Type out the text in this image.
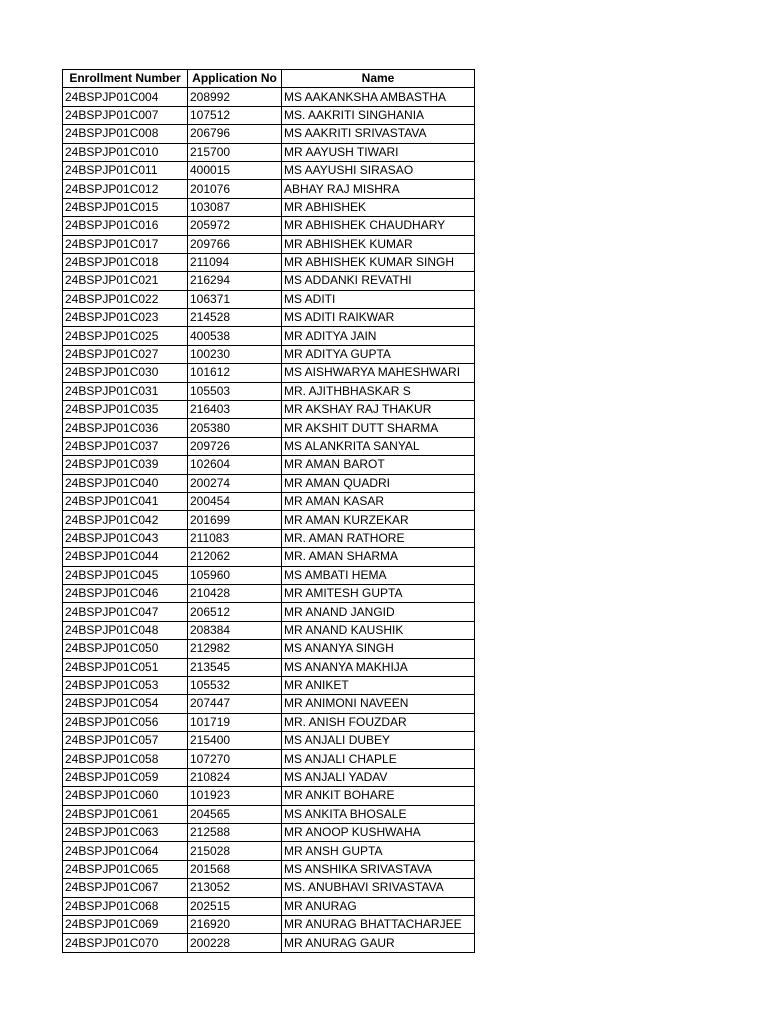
Enrollment Number	Application No	Name
24BSPJP01C004	208992	MS AAKANKSHA AMBASTHA
24BSPJP01C007	107512	MS. AAKRITI SINGHANIA
24BSPJP01C008	206796	MS AAKRITI SRIVASTAVA
24BSPJP01C010	215700	MR AAYUSH TIWARI
24BSPJP01C011	400015	MS AAYUSHI SIRASAO
24BSPJP01C012	201076	ABHAY RAJ MISHRA
24BSPJP01C015	103087	MR ABHISHEK
24BSPJP01C016	205972	MR ABHISHEK CHAUDHARY
24BSPJP01C017	209766	MR ABHISHEK KUMAR
24BSPJP01C018	211094	MR ABHISHEK KUMAR SINGH
24BSPJP01C021	216294	MS ADDANKI REVATHI
24BSPJP01C022	106371	MS ADITI
24BSPJP01C023	214528	MS ADITI RAIKWAR
24BSPJP01C025	400538	MR ADITYA JAIN
24BSPJP01C027	100230	MR ADITYA GUPTA
24BSPJP01C030	101612	MS AISHWARYA MAHESHWARI
24BSPJP01C031	105503	MR. AJITHBHASKAR S
24BSPJP01C035	216403	MR AKSHAY RAJ THAKUR
24BSPJP01C036	205380	MR AKSHIT DUTT SHARMA
24BSPJP01C037	209726	MS ALANKRITA SANYAL
24BSPJP01C039	102604	MR AMAN BAROT
24BSPJP01C040	200274	MR AMAN QUADRI
24BSPJP01C041	200454	MR AMAN KASAR
24BSPJP01C042	201699	MR AMAN KURZEKAR
24BSPJP01C043	211083	MR. AMAN RATHORE
24BSPJP01C044	212062	MR. AMAN SHARMA
24BSPJP01C045	105960	MS AMBATI HEMA
24BSPJP01C046	210428	MR AMITESH GUPTA
24BSPJP01C047	206512	MR ANAND JANGID
24BSPJP01C048	208384	MR ANAND KAUSHIK
24BSPJP01C050	212982	MS ANANYA SINGH
24BSPJP01C051	213545	MS ANANYA MAKHIJA
24BSPJP01C053	105532	MR ANIKET
24BSPJP01C054	207447	MR ANIMONI NAVEEN
24BSPJP01C056	101719	MR. ANISH FOUZDAR
24BSPJP01C057	215400	MS ANJALI DUBEY
24BSPJP01C058	107270	MS ANJALI CHAPLE
24BSPJP01C059	210824	MS ANJALI YADAV
24BSPJP01C060	101923	MR ANKIT BOHARE
24BSPJP01C061	204565	MS ANKITA BHOSALE
24BSPJP01C063	212588	MR ANOOP KUSHWAHA
24BSPJP01C064	215028	MR ANSH GUPTA
24BSPJP01C065	201568	MS ANSHIKA SRIVASTAVA
24BSPJP01C067	213052	MS. ANUBHAVI SRIVASTAVA
24BSPJP01C068	202515	MR ANURAG
24BSPJP01C069	216920	MR ANURAG BHATTACHARJEE
24BSPJP01C070	200228	MR ANURAG GAUR
